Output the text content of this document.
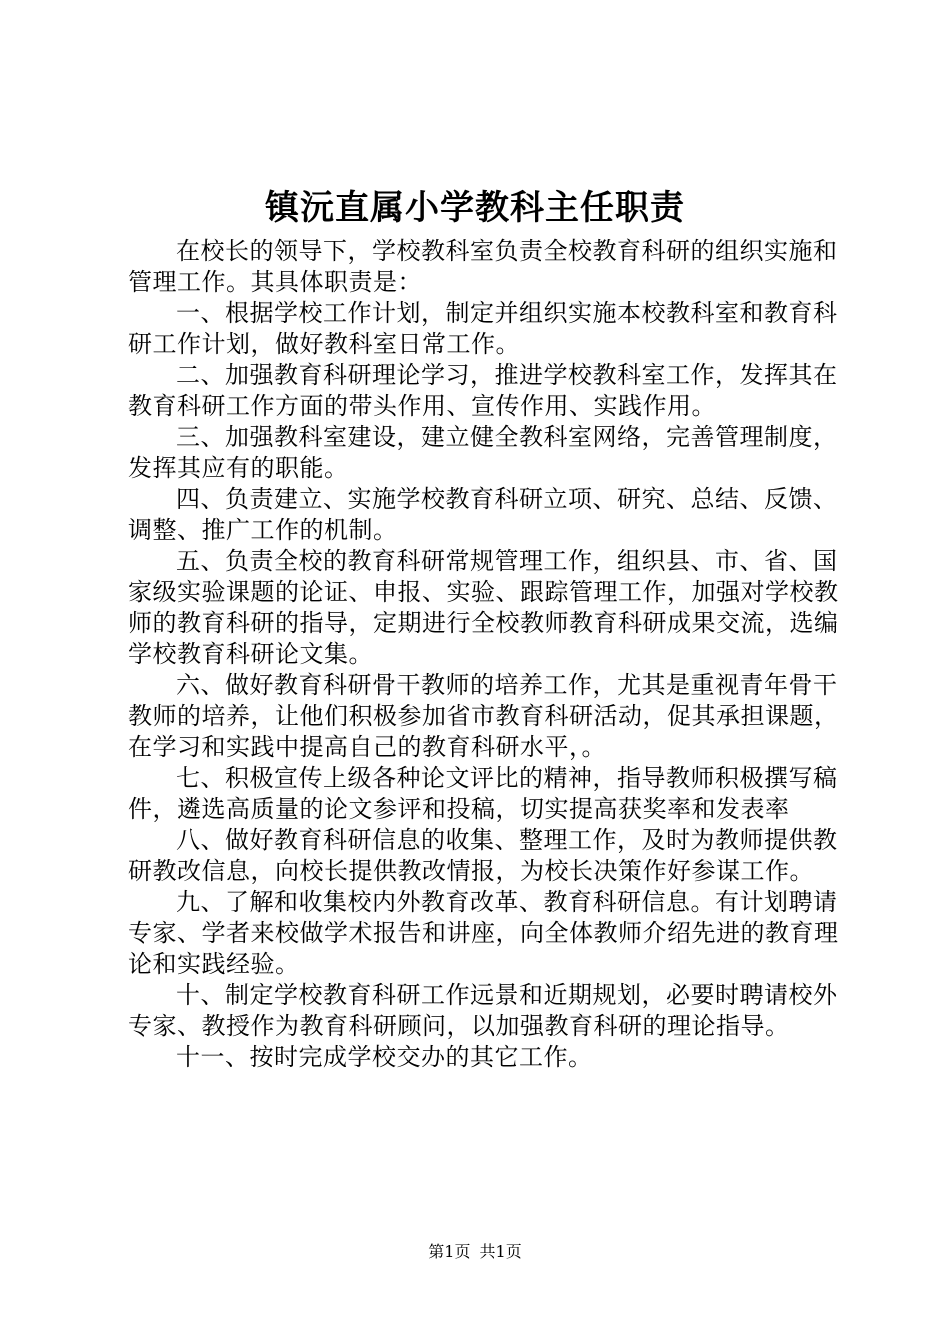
镇沅直属小学教科主任职责

在校长的领导下，学校教科室负责全校教育科研的组织实施和管理工作。其具体职责是：

一、根据学校工作计划，制定并组织实施本校教科室和教育科研工作计划，做好教科室日常工作。

二、加强教育科研理论学习，推进学校教科室工作，发挥其在教育科研工作方面的带头作用、宣传作用、实践作用。

三、加强教科室建设，建立健全教科室网络，完善管理制度，发挥其应有的职能。

四、负责建立、实施学校教育科研立项、研究、总结、反馈、调整、推广工作的机制。

五、负责全校的教育科研常规管理工作，组织县、市、省、国家级实验课题的论证、申报、实验、跟踪管理工作，加强对学校教师的教育科研的指导，定期进行全校教师教育科研成果交流，选编学校教育科研论文集。

六、做好教育科研骨干教师的培养工作，尤其是重视青年骨干教师的培养，让他们积极参加省市教育科研活动，促其承担课题，在学习和实践中提高自己的教育科研水平，。

七、积极宣传上级各种论文评比的精神，指导教师积极撰写稿件，遴选高质量的论文参评和投稿，切实提高获奖率和发表率

八、做好教育科研信息的收集、整理工作，及时为教师提供教研教改信息，向校长提供教改情报，为校长决策作好参谋工作。

九、了解和收集校内外教育改革、教育科研信息。有计划聘请专家、学者来校做学术报告和讲座，向全体教师介绍先进的教育理论和实践经验。

十、制定学校教育科研工作远景和近期规划，必要时聘请校外专家、教授作为教育科研顾问，以加强教育科研的理论指导。

十一、按时完成学校交办的其它工作。

第1页 共1页
